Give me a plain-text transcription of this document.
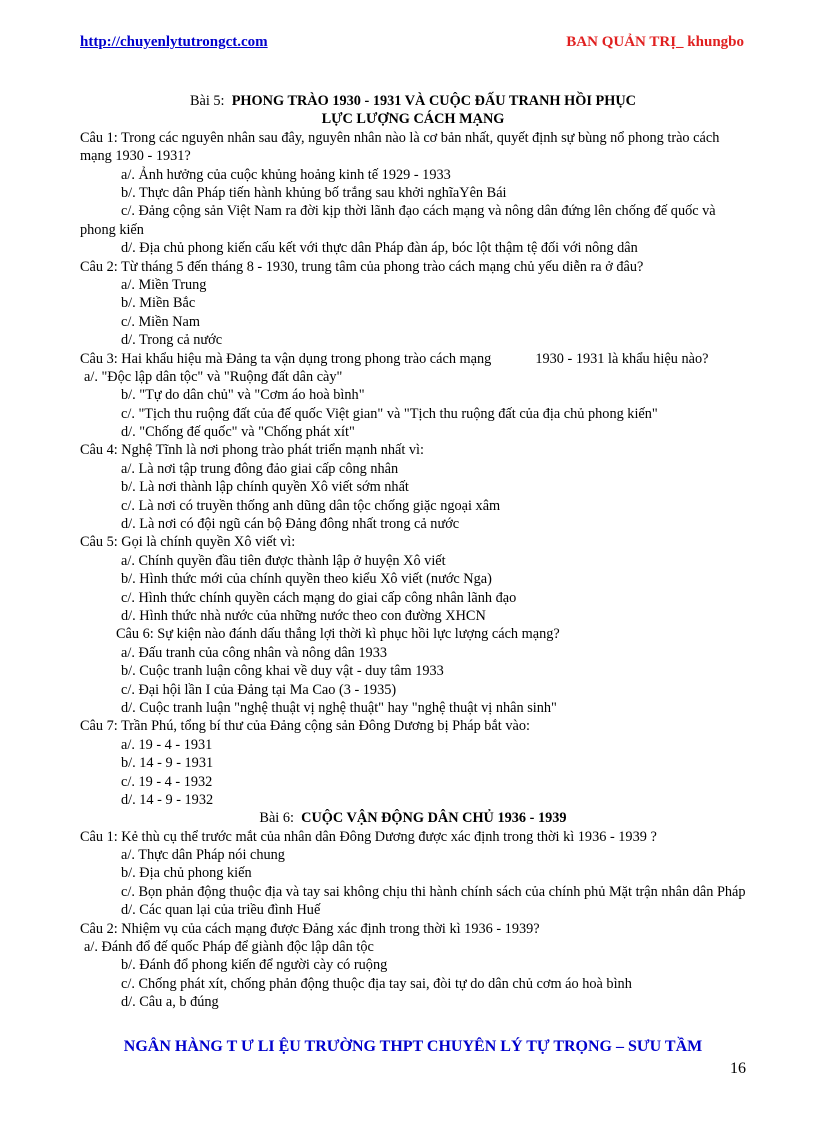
http://chuyenlytutrongct.com	BAN QUẢN TRỊ_ khungbo
Bài 5: PHONG TRÀO 1930 - 1931 VÀ CUỘC ĐẤU TRANH HỒI PHỤC
LỰC LƯỢNG CÁCH MẠNG
Câu 1: Trong các nguyên nhân sau đây, nguyên nhân nào là cơ bản nhất, quyết định sự bùng nổ phong trào cách mạng 1930 - 1931?
a/. Ảnh hưởng của cuộc khủng hoảng kinh tế 1929 - 1933
b/. Thực dân Pháp tiến hành khủng bố trắng sau khởi nghĩaYên Bái
c/. Đảng cộng sản Việt Nam ra đời kịp thời lãnh đạo cách mạng và nông dân đứng lên chống đế quốc và phong kiến
d/. Địa chủ phong kiến cấu kết với thực dân Pháp đàn áp, bóc lột thậm tệ đối với nông dân
Câu 2: Từ tháng 5 đến tháng 8 - 1930, trung tâm của phong trào cách mạng chủ yếu diễn ra ở đâu?
a/. Miền Trung
b/. Miền Bắc
c/. Miền Nam
d/. Trong cả nước
Câu 3: Hai khẩu hiệu mà Đảng ta vận dụng trong phong trào cách mạng	1930 - 1931 là khẩu hiệu nào?
a/. "Độc lập dân tộc" và "Ruộng đất dân cày"
b/. "Tự do dân chủ" và "Cơm áo hoà bình"
c/. "Tịch thu ruộng đất của đế quốc Việt gian" và "Tịch thu ruộng đất của địa chủ phong kiến"
d/. "Chống đế quốc" và "Chống phát xít"
Câu 4: Nghệ Tĩnh là nơi phong trào phát triển mạnh nhất vì:
a/. Là nơi tập trung đông đảo giai cấp công nhân
b/. Là nơi thành lập chính quyền Xô viết sớm nhất
c/. Là nơi có truyền thống anh dũng dân tộc chống giặc ngoại xâm
d/. Là nơi có đội ngũ cán bộ Đảng đông nhất trong cả nước
Câu 5: Gọi là chính quyền Xô viết vì:
a/. Chính quyền đầu tiên được thành lập ở huyện Xô viết
b/. Hình thức mới của chính quyền theo kiểu Xô viết (nước Nga)
c/. Hình thức chính quyền cách mạng do giai cấp công nhân lãnh đạo
d/. Hình thức nhà nước của những nước theo con đường XHCN
Câu 6: Sự kiện nào đánh dấu thắng lợi thời kì phục hồi lực lượng cách mạng?
a/. Đấu tranh của công nhân và nông dân 1933
b/. Cuộc tranh luận công khai về duy vật - duy tâm 1933
c/. Đại hội lần I của Đảng tại Ma Cao (3 - 1935)
d/. Cuộc tranh luận "nghệ thuật vị nghệ thuật" hay "nghệ thuật vị nhân sinh"
Câu 7: Trần Phú, tổng bí thư của Đảng cộng sản Đông Dương bị Pháp bắt vào:
a/. 19 - 4 - 1931
b/. 14 - 9 - 1931
c/. 19 - 4 - 1932
d/. 14 - 9 - 1932
Bài 6: CUỘC VẬN ĐỘNG DÂN CHỦ 1936 - 1939
Câu 1: Kẻ thù cụ thể trước mắt của nhân dân Đông Dương được xác định trong thời kì 1936 - 1939 ?
a/. Thực dân Pháp nói chung
b/. Địa chủ phong kiến
c/. Bọn phản động thuộc địa và tay sai không chịu thi hành chính sách của chính phủ Mặt trận nhân dân Pháp
d/. Các quan lại của triều đình Huế
Câu 2: Nhiệm vụ của cách mạng được Đảng xác định trong thời kì 1936 - 1939?
a/. Đánh đổ đế quốc Pháp để giành độc lập dân tộc
b/. Đánh đổ phong kiến để người cày có ruộng
c/. Chống phát xít, chống phản động thuộc địa tay sai, đòi tự do dân chủ cơm áo hoà bình
d/. Câu a, b đúng
NGÂN HÀNG T Ư LI ỆU TRƯỜNG THPT CHUYÊN LÝ TỰ TRỌNG – SƯU TẦM
16
